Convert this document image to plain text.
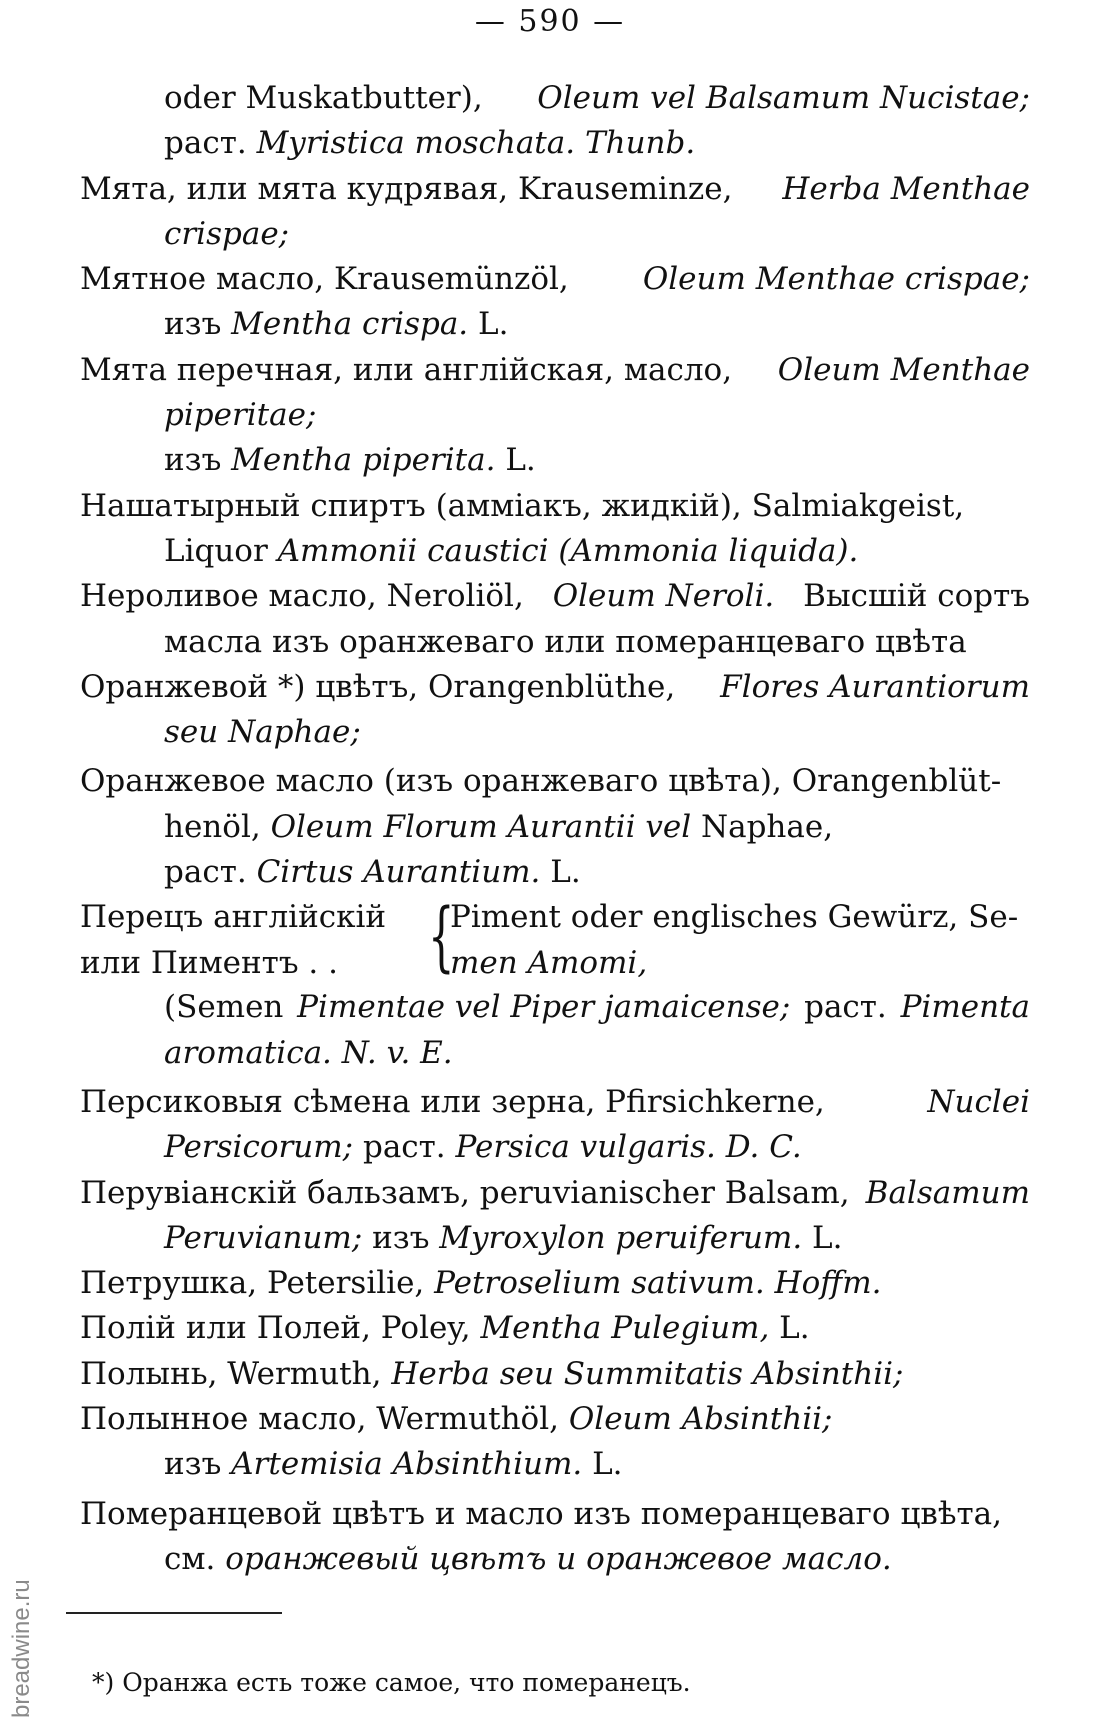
— 590 —
oder Muskatbutter), Oleum vel Balsamum Nucistae;
раст. Myristica moschata. Thunb.
Мята, или мята кудрявая, Krauseminze, Herba Menthae
crispae;
Мятное масло, Krausemünzöl, Oleum Menthae crispae;
изъ Mentha crispa. L.
Мята перечная, или англійская, масло, Oleum Menthae
piperitae;
изъ Mentha piperita. L.
Нашатырный спиртъ (амміакъ, жидкій), Salmiakgeist,
Liquor Ammonii caustici (Ammonia liquida).
Нероливое масло, Neroliöl, Oleum Neroli. Высшій сортъ
масла изъ оранжеваго или померанцеваго цвѣта
Оранжевой *) цвѣтъ, Orangenblüthe, Flores Aurantiorum
seu Naphae;
Оранжевое масло (изъ оранжеваго цвѣта), Orangenblüt-
henöl, Oleum Florum Aurantii vel Naphae,
раст. Cirtus Aurantium. L.
Перецъ англійскій
или Пиментъ . .	{
Piment oder englisches Gewürz, Se-
men Amomi,
(Semen Pimentae vel Piper jamaicense; раст. Pimenta
aromatica. N. v. E.
Персиковыя сѣмена или зерна, Pfirsichkerne,	Nuclei
Persicorum; раст. Persica vulgaris. D. C.
Перувіанскій бальзамъ, peruvianischer Balsam, Balsamum
Peruvianum; изъ Myroxylon peruiferum. L.
Петрушка, Petersilie, Petroselium sativum. Hoffm.
Полій или Полей, Poley, Mentha Pulegium, L.
Полынь, Wermuth, Herba seu Summitatis Absinthii;
Полынное масло, Wermuthöl, Oleum Absinthii;
изъ Artemisia Absinthium. L.
Померанцевой цвѣтъ и масло изъ померанцеваго цвѣта,
см. оранжевый цвѣтъ и оранжевое масло.
*) Оранжа есть тоже самое, что померанецъ.
breadwine.ru
